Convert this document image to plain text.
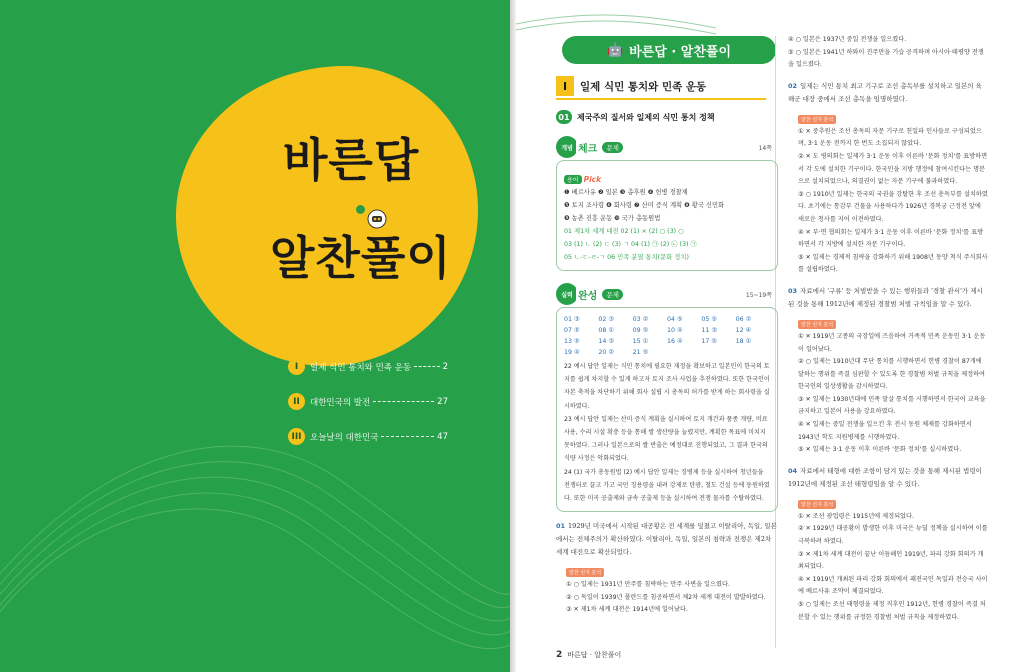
바른답
알찬풀이
I	일제 식민 통치와 민족 운동	2
II	대한민국의 발전	27
III 오늘날의 대한민국	47
🤖 바른답 · 알찬풀이
I	일제 식민 통치와 민족 운동
01 제국주의 질서와 일제의 식민 통치 정책
개념 체크	문제	14쪽
용어 Pick
❶ 베르사유 ❷ 일본 ❸ 총후원 ❹ 헌병 경찰제
❺ 토지 조사령 ❻ 회사령 ❼ 산미 증식 계획 ❽ 황국 신민화
❾ 농촌 진흥 운동 ❿ 국가 총동원법
01 제1차 세계 대전 02 (1) × (2) ○ (3) ○
03 (1) ㄴ (2) ㄷ (3) ㄱ 04 (1) ㉠ (2) ㉡ (3) ㉠
05 ㄴ-ㄷ-ㄹ-ㄱ 06 민족 분열 통치(문화 정치)
실력 완성	문제	15~19쪽
01 ③	02 ③	03 ②	04 ⑤	05 ⑤	06 ②
07 ⑤	08 ①	09 ⑤	10 ④	11 ③	12 ④
13 ⑤	14 ③	15 ①	16 ④	17 ⑤	18 ①
19 ④	20 ②	21 ⑤
22 예시 답안 일제는 식민 통치에 필요한 재정을 확보하고 일본인이 한국의 토지를 쉽게 차지할 수 있게 하고자 토지 조사 사업을 추진하였다. 또한 한국인이 자본 축적을 차단하기 위해 회사 설립 시 총독의 허가를 받게 하는 회사령을 실시하였다.
23 예시 답안 일제는 산미 증식 계획을 실시하여 토지 개간과 품종 개량, 비료 사용, 수리 시설 확충 등을 통해 쌀 생산량을 늘렸지만, 계획한 목표에 미치지 못하였다. 그러나 일본으로의 쌀 반출은 예정대로 진행되었고, 그 결과 한국의 식량 사정은 악화되었다.
24 (1) 국가 총동원법 (2) 예시 답안 일제는 징병제 등을 실시하여 청년들을 전쟁터로 끌고 가고 국민 징용령을 내려 강제로 탄광, 철도 건설 등에 동원하였다. 또한 미곡 공출제와 금속 공출제 등을 실시하여 전쟁 물자를 수탈하였다.
01 1929년 미국에서 시작된 대공황은 전 세계를 덮쳤고 이탈리아, 독일, 일본에서는 전체주의가 확산하였다. 이탈리아, 독일, 일본의 침략과 전쟁은 제2차 세계 대전으로 확산되었다.
알찬 선지 분석
① ○ 일제는 1931년 만주를 침략하는 만주 사변을 일으켰다.
② ○ 독일이 1939년 폴란드를 침공하면서 제2차 세계 대전이 발발하였다.
③ ✕ 제1차 세계 대전은 1914년에 일어났다.
④ ○ 일본은 1937년 중일 전쟁을 일으켰다.
⑤ ○ 일본은 1941년 하와이 진주만을 기습 공격하며 아시아·태평양 전쟁을 일으켰다.
02 일제는 식민 통치 최고 기구로 조선 총독부를 설치하고 일본의 육해군 대장 중에서 조선 총독을 임명하였다.
알찬 선지 분석
① ✕ 중추원은 조선 총독의 자문 기구로 친일파 인사들로 구성되었으며, 3·1 운동 전까지 한 번도 소집되지 않았다.
② ✕ 도 평의회는 일제가 3·1 운동 이후 이른바 '문화 정치'를 표방하면서 각 도에 설치한 기구이다. 한국인을 지방 행정에 참여시킨다는 명분으로 설치되었으나, 의결권이 없는 자문 기구에 불과하였다.
③ ○ 1910년 일제는 한국의 국권을 강탈한 후 조선 총독부를 설치하였다. 초기에는 통감부 건물을 사용하다가 1926년 경복궁 근정전 앞에 새로운 청사를 지어 이전하였다.
④ ✕ 부·면 협의회는 일제가 3·1 운동 이후 이른바 '문화 정치'를 표방하면서 각 지방에 설치한 자문 기구이다.
⑤ ✕ 일제는 경제적 침략을 강화하기 위해 1908년 동양 척식 주식회사를 설립하였다.
03 자료에서 '구류' 등 처벌받을 수 있는 행위들과 '경찰 관서'가 제시된 것을 통해 1912년에 제정된 경찰범 처벌 규칙임을 알 수 있다.
알찬 선지 분석
① ✕ 1919년 고종의 국장일에 즈음하여 거족적 민족 운동인 3·1 운동이 일어났다.
② ○ 일제는 1910년대 무단 통치를 시행하면서 헌병 경찰이 87개에 달하는 행위를 즉결 심판할 수 있도록 한 경찰범 처벌 규칙을 제정하여 한국인의 일상생활을 감시하였다.
③ ✕ 일제는 1930년대에 민족 말살 통치를 시행하면서 한국어 교육을 금지하고 일본어 사용을 강요하였다.
④ ✕ 일제는 중일 전쟁을 일으킨 후 전시 동원 체제를 강화하면서 1943년 학도 지원병제를 시행하였다.
⑤ ✕ 일제는 3·1 운동 이후 이른바 '문화 정치'를 실시하였다.
04 자료에서 태형에 대한 조항이 담겨 있는 것을 통해 제시된 법령이 1912년에 제정된 조선 태형령임을 알 수 있다.
알찬 선지 분석
① ✕ 조선 광업령은 1915년에 제정되었다.
② ✕ 1929년 대공황이 발생한 이후 미국은 뉴딜 정책을 실시하여 이를 극복하려 하였다.
③ ✕ 제1차 세계 대전이 끝난 이듬해인 1919년, 파리 강화 회의가 개최되었다.
④ ✕ 1919년 개최된 파리 강화 회의에서 패전국인 독일과 전승국 사이에 베르사유 조약이 체결되었다.
⑤ ○ 일제는 조선 태형령을 제정 직후인 1912년, 헌병 경찰이 즉결 처분할 수 있는 행위를 규정한 경찰범 처벌 규칙을 제정하였다.
2 바른답 · 알찬풀이
